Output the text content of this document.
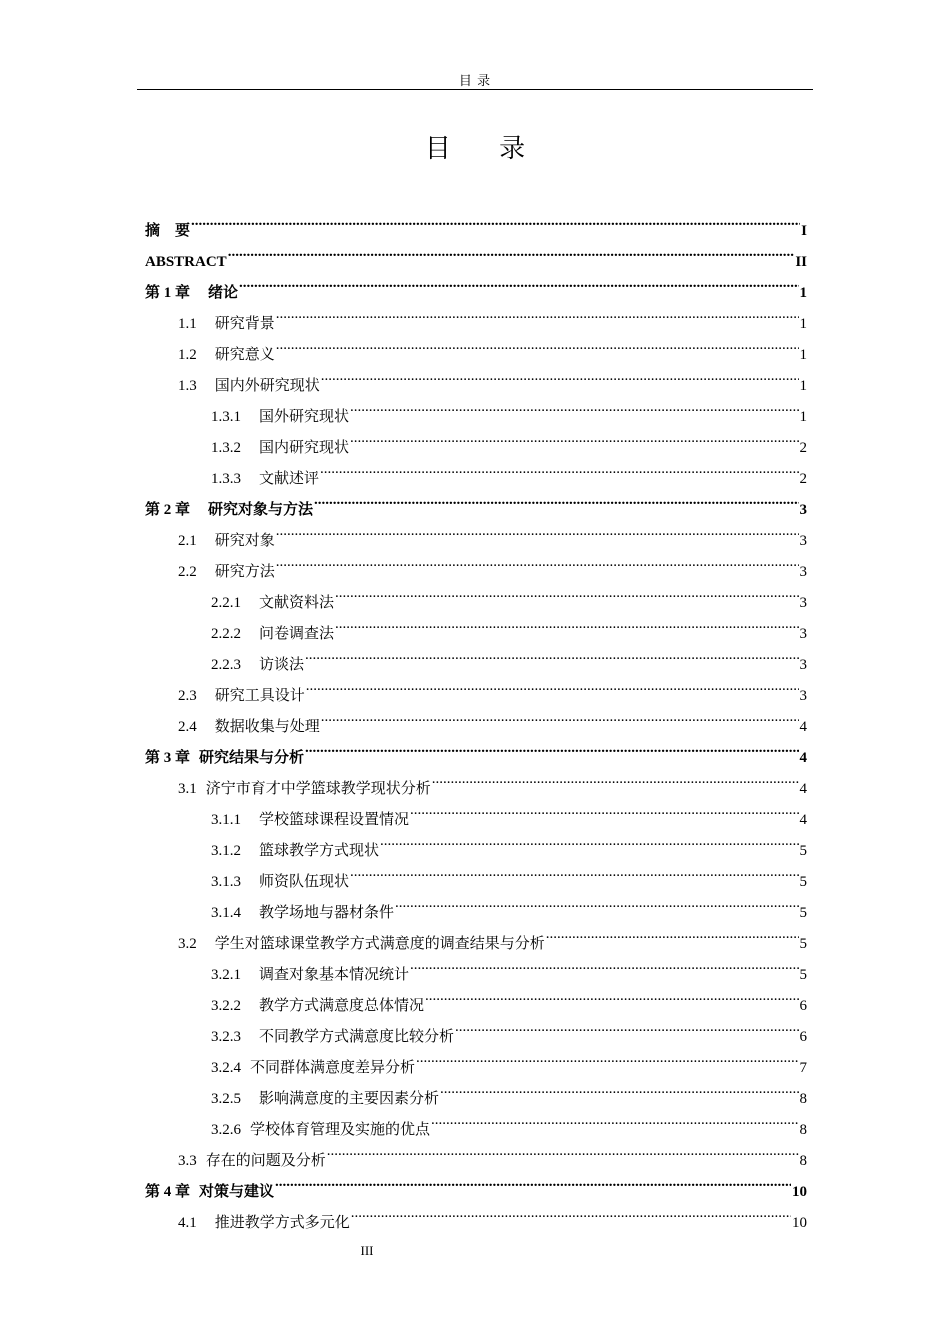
目 录
目 录
摘　要 .....	I
ABSTRACT .....	II
第 1 章 绪论 .....	1
1.1 研究背景 .....	1
1.2 研究意义 .....	1
1.3 国内外研究现状 .....	1
1.3.1 国外研究现状 .....	1
1.3.2 国内研究现状 .....	2
1.3.3 文献述评 .....	2
第 2 章 研究对象与方法 .....	3
2.1 研究对象 .....	3
2.2 研究方法 .....	3
2.2.1 文献资料法 .....	3
2.2.2 问卷调查法 .....	3
2.2.3 访谈法 .....	3
2.3 研究工具设计 .....	3
2.4 数据收集与处理 .....	4
第 3 章 研究结果与分析 .....	4
3.1 济宁市育才中学篮球教学现状分析 .....	4
3.1.1 学校篮球课程设置情况 .....	4
3.1.2 篮球教学方式现状 .....	5
3.1.3 师资队伍现状 .....	5
3.1.4 教学场地与器材条件 .....	5
3.2 学生对篮球课堂教学方式满意度的调查结果与分析 .....	5
3.2.1 调查对象基本情况统计 .....	5
3.2.2 教学方式满意度总体情况 .....	6
3.2.3 不同教学方式满意度比较分析 .....	6
3.2.4 不同群体满意度差异分析 .....	7
3.2.5 影响满意度的主要因素分析 .....	8
3.2.6 学校体育管理及实施的优点 .....	8
3.3 存在的问题及分析 .....	8
第 4 章 对策与建议 .....	10
4.1 推进教学方式多元化 .....	10
III
